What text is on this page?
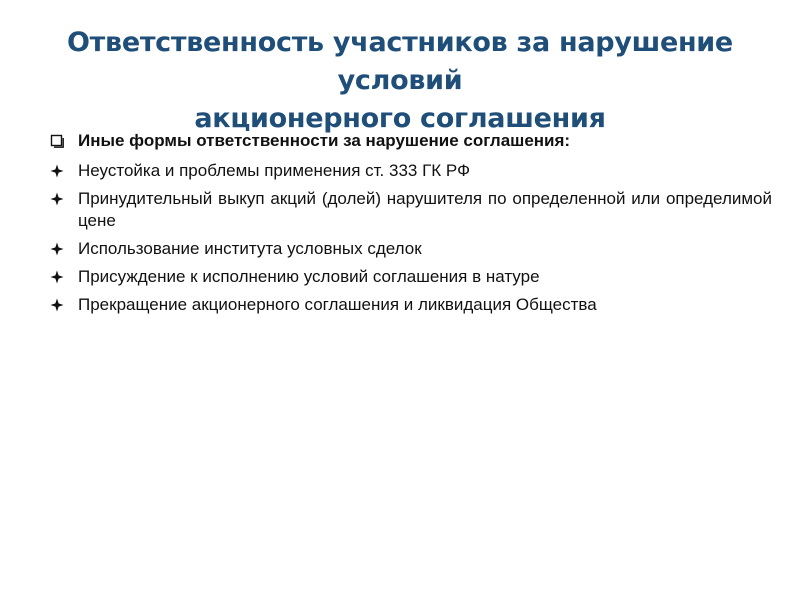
Ответственность участников за нарушение условий
акционерного соглашения
Иные формы ответственности за нарушение соглашения:
Неустойка и проблемы применения ст. 333 ГК РФ
Принудительный выкуп акций (долей) нарушителя по определенной или определимой цене
Использование института условных сделок
Присуждение к исполнению условий соглашения в натуре
Прекращение акционерного соглашения и ликвидация Общества
